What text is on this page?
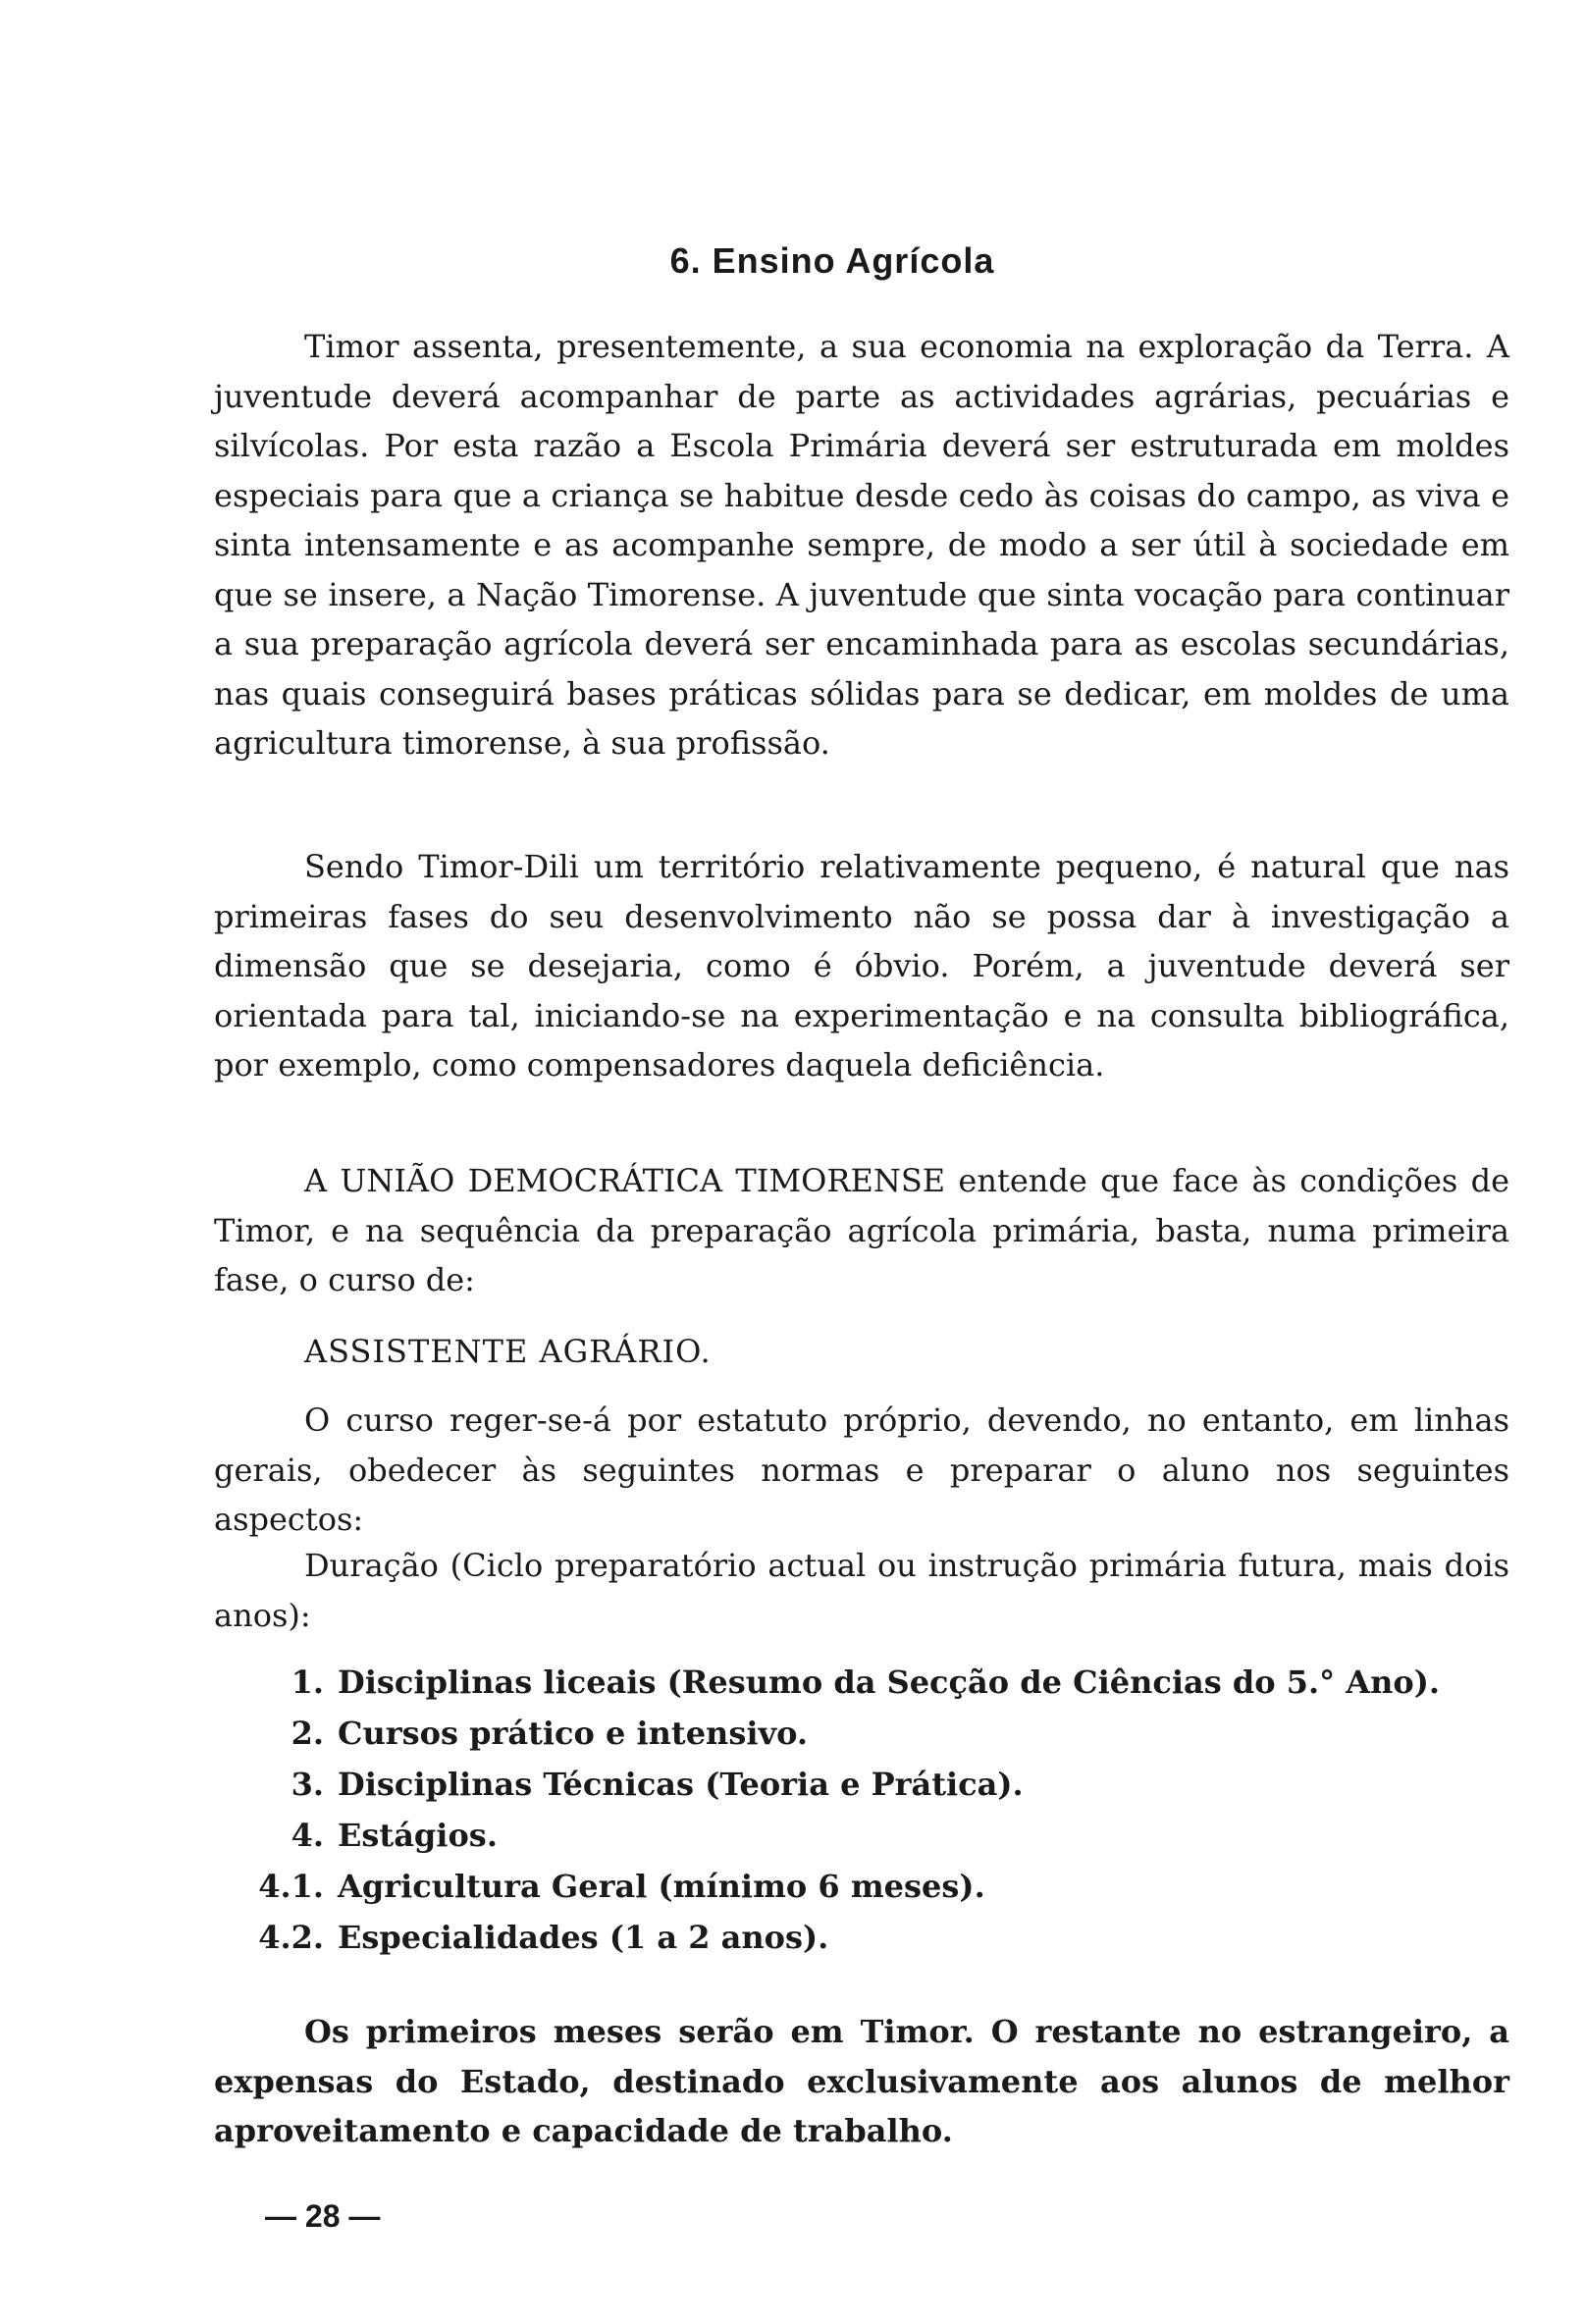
6. Ensino Agrícola
Timor assenta, presentemente, a sua economia na exploração da Terra. A juventude deverá acompanhar de parte as actividades agrárias, pecuárias e silvícolas. Por esta razão a Escola Primária deverá ser estruturada em moldes especiais para que a criança se habitue desde cedo às coisas do campo, as viva e sinta intensamente e as acompanhe sempre, de modo a ser útil à sociedade em que se insere, a Nação Timorense. A juventude que sinta vocação para continuar a sua preparação agrícola deverá ser encaminhada para as escolas secundárias, nas quais conseguirá bases práticas sólidas para se dedicar, em moldes de uma agricultura timorense, à sua profissão.
Sendo Timor-Dili um território relativamente pequeno, é natural que nas primeiras fases do seu desenvolvimento não se possa dar à investigação a dimensão que se desejaria, como é óbvio. Porém, a juventude deverá ser orientada para tal, iniciando-se na experimentação e na consulta bibliográfica, por exemplo, como compensadores daquela deficiência.
A UNIÃO DEMOCRÁTICA TIMORENSE entende que face às condições de Timor, e na sequência da preparação agrícola primária, basta, numa primeira fase, o curso de:
ASSISTENTE AGRÁRIO.
O curso reger-se-á por estatuto próprio, devendo, no entanto, em linhas gerais, obedecer às seguintes normas e preparar o aluno nos seguintes aspectos:
Duração (Ciclo preparatório actual ou instrução primária futura, mais dois anos):
1. Disciplinas liceais (Resumo da Secção de Ciências do 5.° Ano).
2. Cursos prático e intensivo.
3. Disciplinas Técnicas (Teoria e Prática).
4. Estágios.
4.1. Agricultura Geral (mínimo 6 meses).
4.2. Especialidades (1 a 2 anos).
Os primeiros meses serão em Timor. O restante no estrangeiro, a expensas do Estado, destinado exclusivamente aos alunos de melhor aproveitamento e capacidade de trabalho.
— 28 —
